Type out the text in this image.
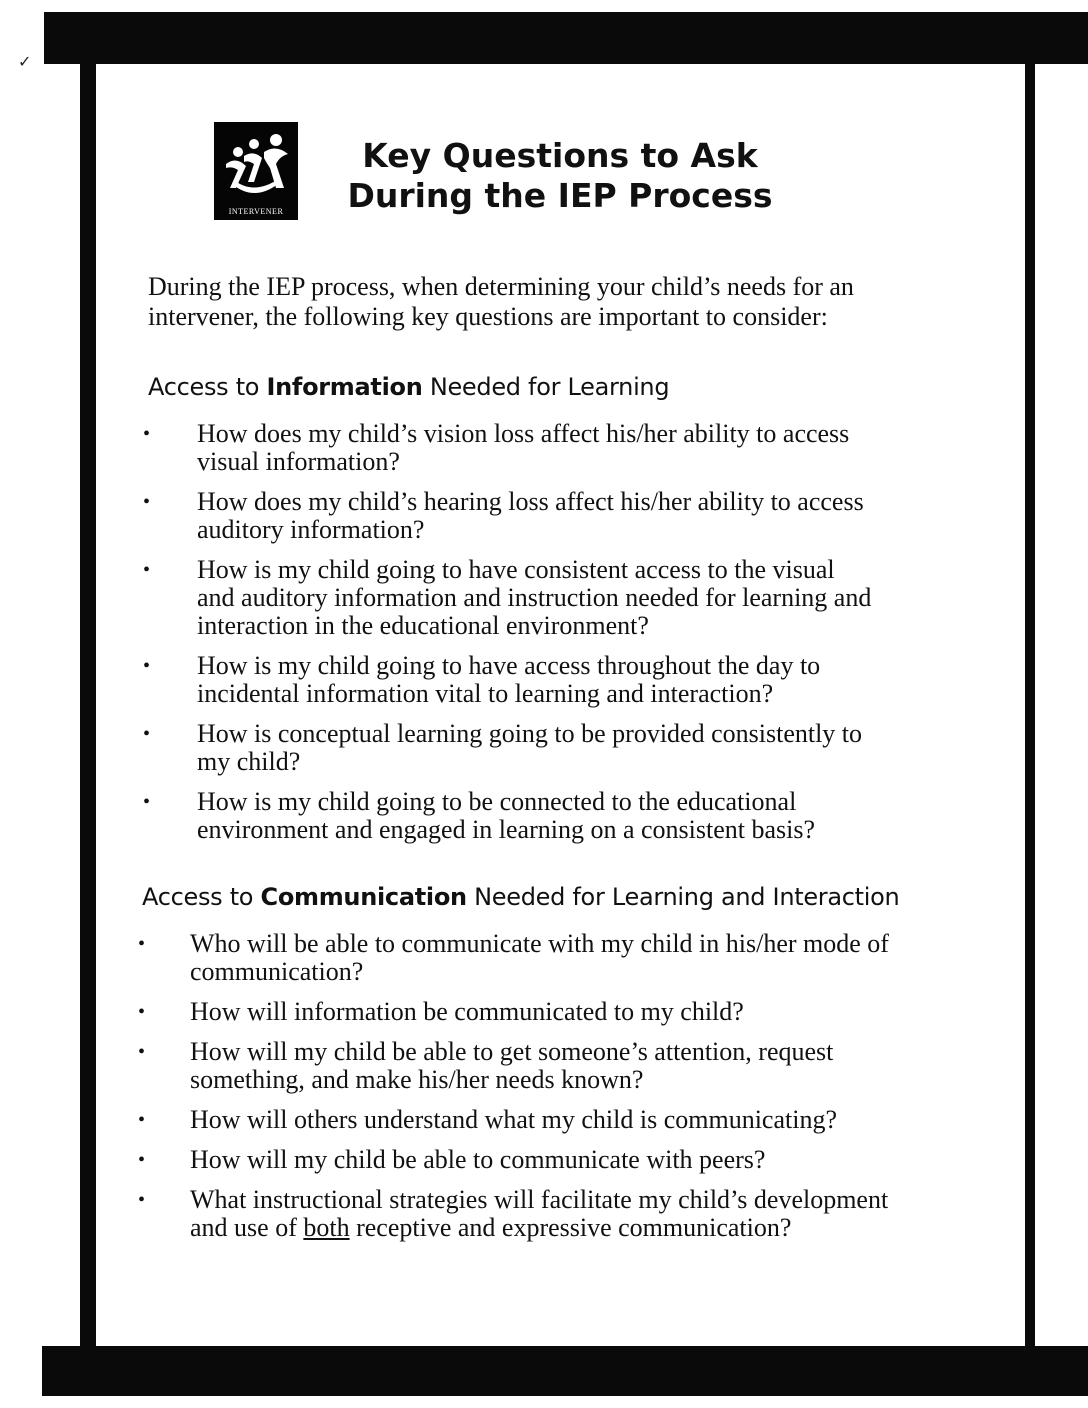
✓
INTERVENER
Key Questions to Ask
During the IEP Process
During the IEP process, when determining your child’s needs for an
intervener, the following key questions are important to consider:
Access to Information Needed for Learning
• How does my child’s vision loss affect his/her ability to access
visual information?
• How does my child’s hearing loss affect his/her ability to access
auditory information?
• How is my child going to have consistent access to the visual
and auditory information and instruction needed for learning and
interaction in the educational environment?
• How is my child going to have access throughout the day to
incidental information vital to learning and interaction?
• How is conceptual learning going to be provided consistently to
my child?
• How is my child going to be connected to the educational
environment and engaged in learning on a consistent basis?
Access to Communication Needed for Learning and Interaction
• Who will be able to communicate with my child in his/her mode of
communication?
• How will information be communicated to my child?
• How will my child be able to get someone’s attention, request
something, and make his/her needs known?
• How will others understand what my child is communicating?
• How will my child be able to communicate with peers?
• What instructional strategies will facilitate my child’s development
and use of both receptive and expressive communication?
